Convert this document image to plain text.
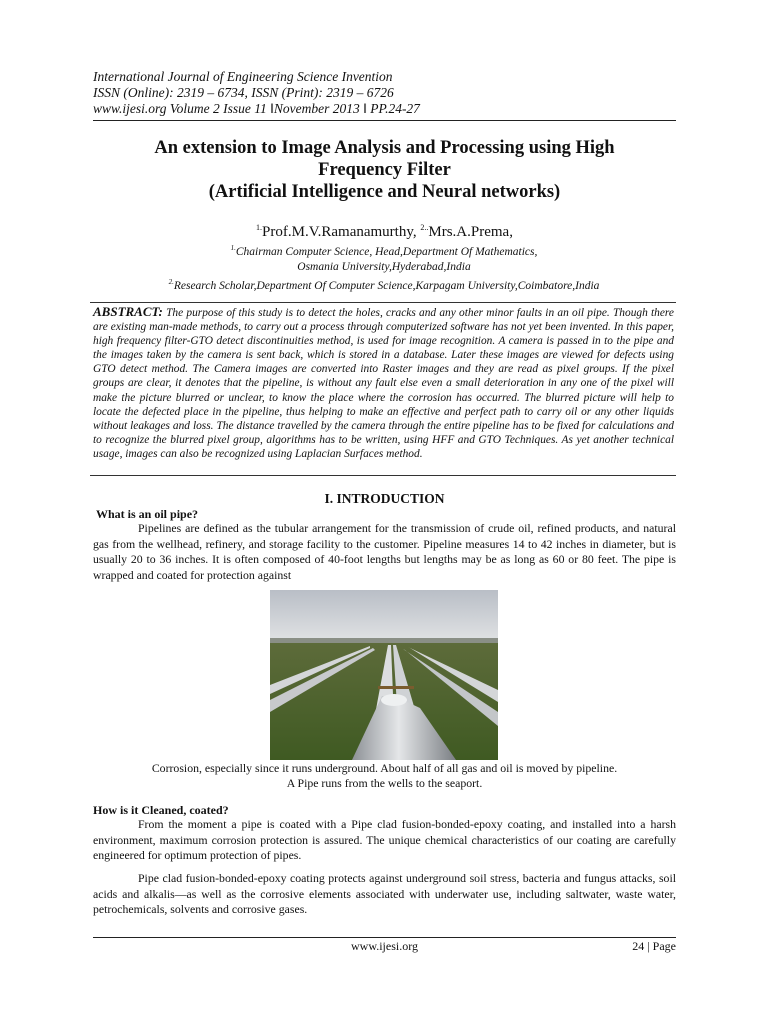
International Journal of Engineering Science Invention
ISSN (Online): 2319 – 6734, ISSN (Print): 2319 – 6726
www.ijesi.org Volume 2 Issue 11 ‖November 2013 ‖ PP.24-27
An extension to Image Analysis and Processing using High
Frequency Filter
(Artificial Intelligence and Neural networks)
$^{1.}$Prof.M.V.Ramanamurthy, $^{2..}$Mrs.A.Prema,
$^{1.}$Chairman Computer Science, Head,Department Of Mathematics,
Osmania University,Hyderabad,India
$^{2.}$Research Scholar,Department Of Computer Science,Karpagam University,Coimbatore,India
ABSTRACT: The purpose of this study is to detect the holes, cracks and any other minor faults in an oil pipe. Though there are existing man-made methods, to carry out a process through computerized software has not yet been invented. In this paper, high frequency filter-GTO detect discontinuities method, is used for image recognition. A camera is passed in to the pipe and the images taken by the camera is sent back, which is stored in a database. Later these images are viewed for defects using GTO detect method. The Camera images are converted into Raster images and they are read as pixel groups. If the pixel groups are clear, it denotes that the pipeline, is without any fault else even a small deterioration in any one of the pixel will make the picture blurred or unclear, to know the place where the corrosion has occurred. The blurred picture will help to locate the defected place in the pipeline, thus helping to make an effective and perfect path to carry oil or any other liquids without leakages and loss. The distance travelled by the camera through the entire pipeline has to be fixed for calculations and to recognize the blurred pixel group, algorithms has to be written, using HFF and GTO Techniques. As yet another technical usage, images can also be recognized using Laplacian Surfaces method.
I. INTRODUCTION
What is an oil pipe?
Pipelines are defined as the tubular arrangement for the transmission of crude oil, refined products, and natural gas from the wellhead, refinery, and storage facility to the customer. Pipeline measures 14 to 42 inches in diameter, but is usually 20 to 36 inches. It is often composed of 40-foot lengths but lengths may be as long as 60 or 80 feet. The pipe is wrapped and coated for protection against
Corrosion, especially since it runs underground. About half of all gas and oil is moved by pipeline.
A Pipe runs from the wells to the seaport.
How is it Cleaned, coated?
From the moment a pipe is coated with a Pipe clad fusion-bonded-epoxy coating, and installed into a harsh environment, maximum corrosion protection is assured. The unique chemical characteristics of our coating are carefully engineered for optimum protection of pipes.
Pipe clad fusion-bonded-epoxy coating protects against underground soil stress, bacteria and fungus attacks, soil acids and alkalis―as well as the corrosive elements associated with underwater use, including saltwater, waste water, petrochemicals, solvents and corrosive gases.
www.ijesi.org	24 | Page
